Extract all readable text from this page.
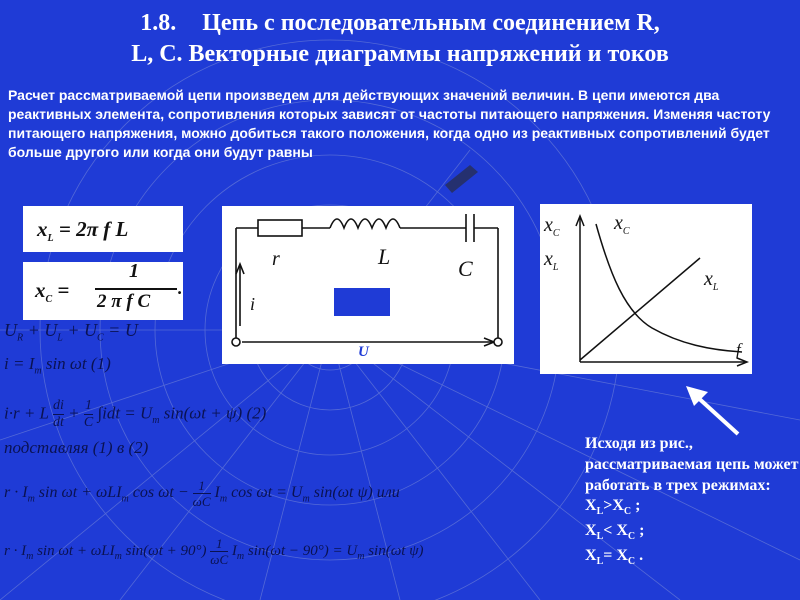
1.8. Цепь с последовательным соединением R,
L, C. Векторные диаграммы напряжений и токов
Расчет рассматриваемой цепи произведем для действующих значений величин. В цепи имеются два реактивных элемента, сопротивления которых зависят от частоты питающего напряжения. Изменяя частоту питающего напряжения, можно добиться такого положения, когда одно из реактивных сопротивлений будет больше другого или когда они будут равны
$x_L = 2\pi$ f L
$x_C$ =
1
2 π f C
.
r	L	C
i
U
$x_C$
$x_L$
$x_C$
$x_L$
f
$U_R + U_L + U_C = U$
$i = I_m$ sin ωt (1)
i·r + L $\frac{di}{dt} + \frac{1}{C} \int idt = U_m$ sin(ωt + ψ) (2)
подставляя (1) в (2)
$r \cdot I_m$ sin ωt + ωLI$_m$ $\cos \omega t - \frac{1}{\omega C} I_m$ $\cos \omega t = U_m$ sin(ωt ψ) или
$r \cdot I_m$ sin ωt + ωLI$_m$ $\sin(\omega t + 90^\circ) \frac{1}{\omega C} I_m$ $\sin(\omega t - 90^\circ) = U_m$ sin(ωt ψ)
Исходя из рис., рассматриваемая цепь может работать в трех режимах:
$X_L>X_C$ ;
$X_L< X_C$ ;
$X_L= X_C$ .
